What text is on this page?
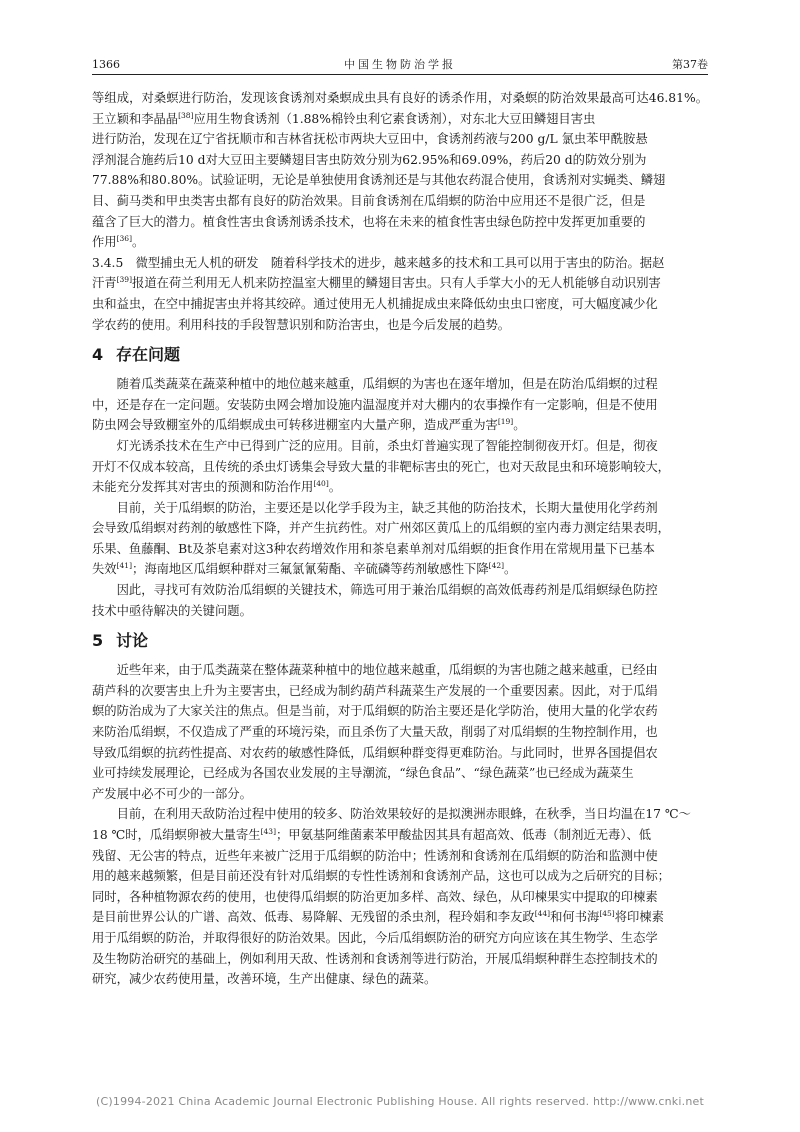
1366	中国生物防治学报	第37卷

等组成，对桑螟进行防治，发现该食诱剂对桑螟成虫具有良好的诱杀作用，对桑螟的防治效果最高可达46.81%。王立颖和李晶晶[38]应用生物食诱剂（1.88%棉铃虫利它素食诱剂），对东北大豆田鳞翅目害虫
进行防治，发现在辽宁省抚顺市和吉林省抚松市两块大豆田中，食诱剂药液与200 g/L 氯虫苯甲酰胺悬
浮剂混合施药后10 d对大豆田主要鳞翅目害虫防效分别为62.95%和69.09%，药后20 d的防效分别为
77.88%和80.80%。试验证明，无论是单独使用食诱剂还是与其他农药混合使用，食诱剂对实蝇类、鳞翅
目、蓟马类和甲虫类害虫都有良好的防治效果。目前食诱剂在瓜绢螟的防治中应用还不是很广泛，但是
蕴含了巨大的潜力。植食性害虫食诱剂诱杀技术，也将在未来的植食性害虫绿色防控中发挥更加重要的
作用[36]。

3.4.5　微型捕虫无人机的研发　随着科学技术的进步，越来越多的技术和工具可以用于害虫的防治。据赵
汗青[39]报道在荷兰利用无人机来防控温室大棚里的鳞翅目害虫。只有人手掌大小的无人机能够自动识别害
虫和益虫，在空中捕捉害虫并将其绞碎。通过使用无人机捕捉成虫来降低幼虫虫口密度，可大幅度减少化
学农药的使用。利用科技的手段智慧识别和防治害虫，也是今后发展的趋势。

4 存在问题

随着瓜类蔬菜在蔬菜种植中的地位越来越重，瓜绢螟的为害也在逐年增加，但是在防治瓜绢螟的过程
中，还是存在一定问题。安装防虫网会增加设施内温湿度并对大棚内的农事操作有一定影响，但是不使用
防虫网会导致棚室外的瓜绢螟成虫可转移进棚室内大量产卵，造成严重为害[19]。

灯光诱杀技术在生产中已得到广泛的应用。目前，杀虫灯普遍实现了智能控制彻夜开灯。但是，彻夜
开灯不仅成本较高，且传统的杀虫灯诱集会导致大量的非靶标害虫的死亡，也对天敌昆虫和环境影响较大，
未能充分发挥其对害虫的预测和防治作用[40]。

目前，关于瓜绢螟的防治，主要还是以化学手段为主，缺乏其他的防治技术，长期大量使用化学药剂
会导致瓜绢螟对药剂的敏感性下降，并产生抗药性。对广州郊区黄瓜上的瓜绢螟的室内毒力测定结果表明，
乐果、鱼藤酮、Bt及茶皂素对这3种农药增效作用和茶皂素单剂对瓜绢螟的拒食作用在常规用量下已基本
失效[41]；海南地区瓜绢螟种群对三氟氯氰菊酯、辛硫磷等药剂敏感性下降[42]。

因此，寻找可有效防治瓜绢螟的关键技术，筛选可用于兼治瓜绢螟的高效低毒药剂是瓜绢螟绿色防控
技术中亟待解决的关键问题。

5 讨论

近些年来，由于瓜类蔬菜在整体蔬菜种植中的地位越来越重，瓜绢螟的为害也随之越来越重，已经由
葫芦科的次要害虫上升为主要害虫，已经成为制约葫芦科蔬菜生产发展的一个重要因素。因此，对于瓜绢
螟的防治成为了大家关注的焦点。但是当前，对于瓜绢螟的防治主要还是化学防治，使用大量的化学农药
来防治瓜绢螟，不仅造成了严重的环境污染，而且杀伤了大量天敌，削弱了对瓜绢螟的生物控制作用，也
导致瓜绢螟的抗药性提高、对农药的敏感性降低，瓜绢螟种群变得更难防治。与此同时，世界各国提倡农
业可持续发展理论，已经成为各国农业发展的主导潮流，“绿色食品”、“绿色蔬菜”也已经成为蔬菜生
产发展中必不可少的一部分。

目前，在利用天敌防治过程中使用的较多、防治效果较好的是拟澳洲赤眼蜂，在秋季，当日均温在17 ℃～
18 ℃时，瓜绢螟卵被大量寄生[43]；甲氨基阿维菌素苯甲酸盐因其具有超高效、低毒（制剂近无毒）、低
残留、无公害的特点，近些年来被广泛用于瓜绢螟的防治中；性诱剂和食诱剂在瓜绢螟的防治和监测中使
用的越来越频繁，但是目前还没有针对瓜绢螟的专性性诱剂和食诱剂产品，这也可以成为之后研究的目标；
同时，各种植物源农药的使用，也使得瓜绢螟的防治更加多样、高效、绿色，从印楝果实中提取的印楝素
是目前世界公认的广谱、高效、低毒、易降解、无残留的杀虫剂，程玲娟和李友政[44]和何书海[45]将印楝素
用于瓜绢螟的防治，并取得很好的防治效果。因此，今后瓜绢螟防治的研究方向应该在其生物学、生态学
及生物防治研究的基础上，例如利用天敌、性诱剂和食诱剂等进行防治，开展瓜绢螟种群生态控制技术的
研究，减少农药使用量，改善环境，生产出健康、绿色的蔬菜。

(C)1994-2021 China Academic Journal Electronic Publishing House. All rights reserved. http://www.cnki.net
